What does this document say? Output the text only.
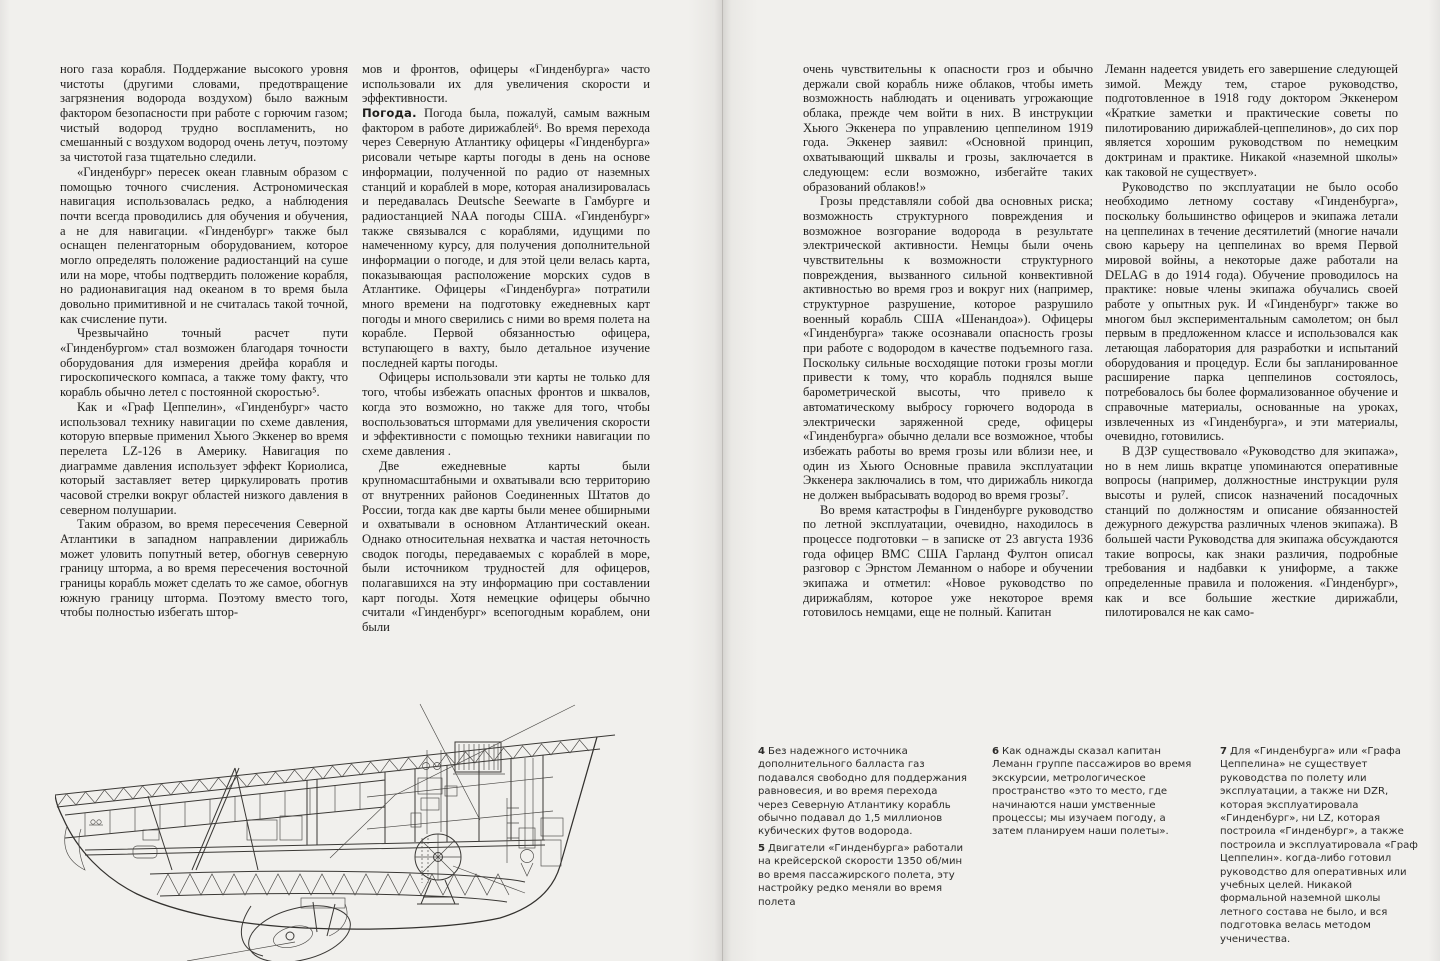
ного газа корабля. Поддержание высокого уровня чистоты (другими словами, предотвращение загрязнения водорода воздухом) было важным фактором безопасности при работе с горючим газом; чистый водород трудно воспламенить, но смешанный с воздухом водород очень летуч, поэтому за чистотой газа тщательно следили.

«Гинденбург» пересек океан главным образом с помощью точного счисления. Астрономическая навигация использовалась редко, а наблюдения почти всегда проводились для обучения и обучения, а не для навигации. «Гинденбург» также был оснащен пеленгаторным оборудованием, которое могло определять положение радиостанций на суше или на море, чтобы подтвердить положение корабля, но радионавигация над океаном в то время была довольно примитивной и не считалась такой точной, как счисление пути.

Чрезвычайно точный расчет пути «Гинденбургом» стал возможен благодаря точности оборудования для измерения дрейфа корабля и гироскопического компаса, а также тому факту, что корабль обычно летел с постоянной скоростью⁵.

Как и «Граф Цеппелин», «Гинденбург» часто использовал технику навигации по схеме давления, которую впервые применил Хьюго Эккенер во время перелета LZ-126 в Америку. Навигация по диаграмме давления использует эффект Кориолиса, который заставляет ветер циркулировать против часовой стрелки вокруг областей низкого давления в северном полушарии.

Таким образом, во время пересечения Северной Атлантики в западном направлении дирижабль может уловить попутный ветер, обогнув северную границу шторма, а во время пересечения восточной границы корабль может сделать то же самое, обогнув южную границу шторма. Поэтому вместо того, чтобы полностью избегать штор-

мов и фронтов, офицеры «Гинденбурга» часто использовали их для увеличения скорости и эффективности.

Погода. Погода была, пожалуй, самым важным фактором в работе дирижаблей⁶. Во время перехода через Северную Атлантику офицеры «Гинденбурга» рисовали четыре карты погоды в день на основе информации, полученной по радио от наземных станций и кораблей в море, которая анализировалась и передавалась Deutsche Seewarte в Гамбурге и радиостанцией NAA погоды США. «Гинденбург» также связывался с кораблями, идущими по намеченному курсу, для получения дополнительной информации о погоде, и для этой цели велась карта, показывающая расположение морских судов в Атлантике. Офицеры «Гинденбурга» потратили много времени на подготовку ежедневных карт погоды и много сверились с ними во время полета на корабле. Первой обязанностью офицера, вступающего в вахту, было детальное изучение последней карты погоды.

Офицеры использовали эти карты не только для того, чтобы избежать опасных фронтов и шквалов, когда это возможно, но также для того, чтобы воспользоваться штормами для увеличения скорости и эффективности с помощью техники навигации по схеме давления .

Две ежедневные карты были крупномасштабными и охватывали всю территорию от внутренних районов Соединенных Штатов до России, тогда как две карты были менее обширными и охватывали в основном Атлантический океан. Однако относительная нехватка и частая неточность сводок погоды, передаваемых с кораблей в море, были источником трудностей для офицеров, полагавшихся на эту информацию при составлении карт погоды. Хотя немецкие офицеры обычно считали «Гинденбург» всепогодным кораблем, они были

очень чувствительны к опасности гроз и обычно держали свой корабль ниже облаков, чтобы иметь возможность наблюдать и оценивать угрожающие облака, прежде чем войти в них. В инструкции Хьюго Эккенера по управлению цеппелином 1919 года. Эккенер заявил: «Основной принцип, охватывающий шквалы и грозы, заключается в следующем: если возможно, избегайте таких образований облаков!»

Грозы представляли собой два основных риска; возможность структурного повреждения и возможное возгорание водорода в результате электрической активности. Немцы были очень чувствительны к возможности структурного повреждения, вызванного сильной конвективной активностью во время гроз и вокруг них (например, структурное разрушение, которое разрушило военный корабль США «Шенандоа»). Офицеры «Гинденбурга» также осознавали опасность грозы при работе с водородом в качестве подъемного газа. Поскольку сильные восходящие потоки грозы могли привести к тому, что корабль поднялся выше барометрической высоты, что привело к автоматическому выбросу горючего водорода в электрически заряженной среде, офицеры «Гинденбурга» обычно делали все возможное, чтобы избежать работы во время грозы или вблизи нее, и один из Хьюго Основные правила эксплуатации Эккенера заключались в том, что дирижабль никогда не должен выбрасывать водород во время грозы⁷.

Во время катастрофы в Гинденбурге руководство по летной эксплуатации, очевидно, находилось в процессе подготовки – в записке от 23 августа 1936 года офицер ВМС США Гарланд Фултон описал разговор с Эрнстом Леманном о наборе и обучении экипажа и отметил: «Новое руководство по дирижаблям, которое уже некоторое время готовилось немцами, еще не полный. Капитан

Леманн надеется увидеть его завершение следующей зимой. Между тем, старое руководство, подготовленное в 1918 году доктором Эккенером «Краткие заметки и практические советы по пилотированию дирижаблей-цеппелинов», до сих пор является хорошим руководством по немецким доктринам и практике. Никакой «наземной школы» как таковой не существует».

Руководство по эксплуатации не было особо необходимо летному составу «Гинденбурга», поскольку большинство офицеров и экипажа летали на цеппелинах в течение десятилетий (многие начали свою карьеру на цеппелинах во время Первой мировой войны, а некоторые даже работали на DELAG в до 1914 года). Обучение проводилось на практике: новые члены экипажа обучались своей работе у опытных рук. И «Гинденбург» также во многом был экспериментальным самолетом; он был первым в предложенном классе и использовался как летающая лаборатория для разработки и испытаний оборудования и процедур. Если бы запланированное расширение парка цеппелинов состоялось, потребовалось бы более формализованное обучение и справочные материалы, основанные на уроках, извлеченных из «Гинденбурга», и эти материалы, очевидно, готовились.

В ДЗР существовало «Руководство для экипажа», но в нем лишь вкратце упоминаются оперативные вопросы (например, должностные инструкции руля высоты и рулей, список назначений посадочных станций по должностям и описание обязанностей дежурного дежурства различных членов экипажа). В большей части Руководства для экипажа обсуждаются такие вопросы, как знаки различия, подробные требования и надбавки к униформе, а также определенные правила и положения. «Гинденбург», как и все большие жесткие дирижабли, пилотировался не как само-

4 Без надежного источника дополнительного балласта газ подавался свободно для поддержания равновесия, и во время перехода через Северную Атлантику корабль обычно подавал до 1,5 миллионов кубических футов водорода.
5 Двигатели «Гинденбурга» работали на крейсерской скорости 1350 об/мин во время пассажирского полета, эту настройку редко меняли во время полета
6 Как однажды сказал капитан Леманн группе пассажиров во время экскурсии, метрологическое пространство «это то место, где начинаются наши умственные процессы; мы изучаем погоду, а затем планируем наши полеты».
7 Для «Гинденбурга» или «Графа Цеппелина» не существует руководства по полету или эксплуатации, а также ни DZR, которая эксплуатировала «Гинденбург», ни LZ, которая построила «Гинденбург», а также построила и эксплуатировала «Граф Цеппелин». когда-либо готовил руководство для оперативных или учебных целей. Никакой формальной наземной школы летного состава не было, и вся подготовка велась методом ученичества.
